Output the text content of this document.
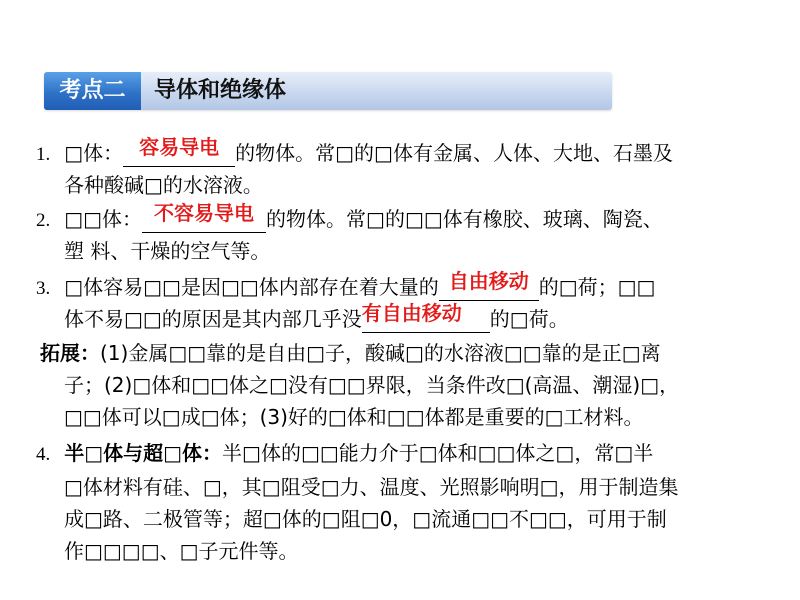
考点二	导体和绝缘体
1. □体： 容易导电 的物体。常□的□体有金属、人体、大地、石墨及
各种酸碱□的水溶液。
2. □□体： 不容易导电 的物体。常□的□□体有橡胶、玻璃、陶瓷、
塑 料、干燥的空气等。
3. □体容易□□是因□□体内部存在着大量的 自由移动 的□荷；□□
体不易□□的原因是其内部几乎没 有自由移动	的□荷。
拓展：(1)金属□□靠的是自由□子，酸碱□的水溶液□□靠的是正□离
子；(2)□体和□□体之□没有□□界限，当条件改□(高温、潮湿)□，
□□体可以□成□体；(3)好的□体和□□体都是重要的□工材料。
4. 半□体与超□体：半□体的□□能力介于□体和□□体之□，常□半
□体材料有硅、□，其□阻受□力、温度、光照影响明□，用于制造集
成□路、二极管等；超□体的□阻□0，□流通□□不□□，可用于制
作□□□□、□子元件等。
